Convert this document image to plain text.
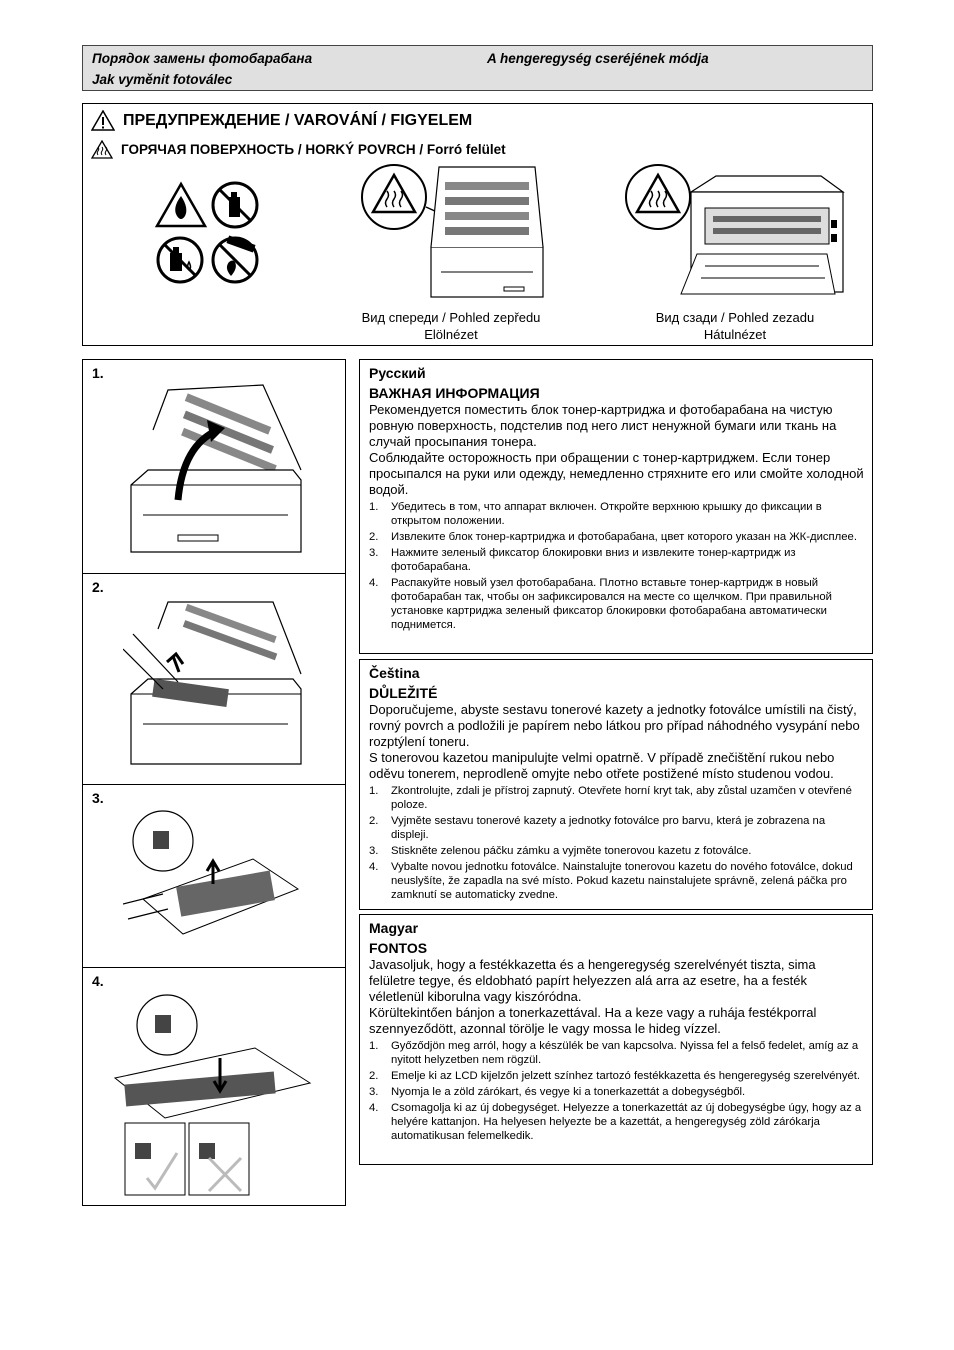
Порядок замены фотобарабана	A hengeregység cseréjének módja
Jak vyměnit fotoválec
ПРЕДУПРЕЖДЕНИЕ / VAROVÁNÍ / FIGYELEM
ГОРЯЧАЯ ПОВЕРХНОСТЬ / HORKÝ POVRCH / Forró felület
Вид спереди / Pohled zepředu
Elölnézet
Вид сзади / Pohled zezadu
Hátulnézet
1.
2.
3.
4.
Русский
ВАЖНАЯ ИНФОРМАЦИЯ
Рекомендуется поместить блок тонер-картриджа и фотобарабана на чистую ровную поверхность, подстелив под него лист ненужной бумаги или ткань на случай просыпания тонера.
Соблюдайте осторожность при обращении с тонер-картриджем. Если тонер просыпался на руки или одежду, немедленно стряхните его или смойте холодной водой.
1. Убедитесь в том, что аппарат включен. Откройте верхнюю крышку до фиксации в открытом положении.
2. Извлеките блок тонер-картриджа и фотобарабана, цвет которого указан на ЖК-дисплее.
3. Нажмите зеленый фиксатор блокировки вниз и извлеките тонер-картридж из фотобарабана.
4. Распакуйте новый узел фотобарабана. Плотно вставьте тонер-картридж в новый фотобарабан так, чтобы он зафиксировался на месте со щелчком. При правильной установке картриджа зеленый фиксатор блокировки фотобарабана автоматически поднимется.
Čeština
DŮLEŽITÉ
Doporučujeme, abyste sestavu tonerové kazety a jednotky fotoválce umístili na čistý, rovný povrch a podložili je papírem nebo látkou pro případ náhodného vysypání nebo rozptýlení toneru.
S tonerovou kazetou manipulujte velmi opatrně. V případě znečištění rukou nebo oděvu tonerem, neprodleně omyjte nebo otřete postižené místo studenou vodou.
1. Zkontrolujte, zdali je přístroj zapnutý. Otevřete horní kryt tak, aby zůstal uzamčen v otevřené poloze.
2. Vyjměte sestavu tonerové kazety a jednotky fotoválce pro barvu, která je zobrazena na displeji.
3. Stiskněte zelenou páčku zámku a vyjměte tonerovou kazetu z fotoválce.
4. Vybalte novou jednotku fotoválce. Nainstalujte tonerovou kazetu do nového fotoválce, dokud neuslyšíte, že zapadla na své místo. Pokud kazetu nainstalujete správně, zelená páčka pro zamknutí se automaticky zvedne.
Magyar
FONTOS
Javasoljuk, hogy a festékkazetta és a hengeregység szerelvényét tiszta, sima felületre tegye, és eldobható papírt helyezzen alá arra az esetre, ha a festék véletlenül kiborulna vagy kiszóródna.
Körültekintően bánjon a tonerkazettával. Ha a keze vagy a ruhája festékporral szennyeződött, azonnal törölje le vagy mossa le hideg vízzel.
1. Győződjön meg arról, hogy a készülék be van kapcsolva. Nyissa fel a felső fedelet, amíg az a nyitott helyzetben nem rögzül.
2. Emelje ki az LCD kijelzőn jelzett színhez tartozó festékkazetta és hengeregység szerelvényét.
3. Nyomja le a zöld zárókart, és vegye ki a tonerkazettát a dobegységből.
4. Csomagolja ki az új dobegységet. Helyezze a tonerkazettát az új dobegységbe úgy, hogy az a helyére kattanjon. Ha helyesen helyezte be a kazettát, a hengeregység zöld zárókarja automatikusan felemelkedik.
